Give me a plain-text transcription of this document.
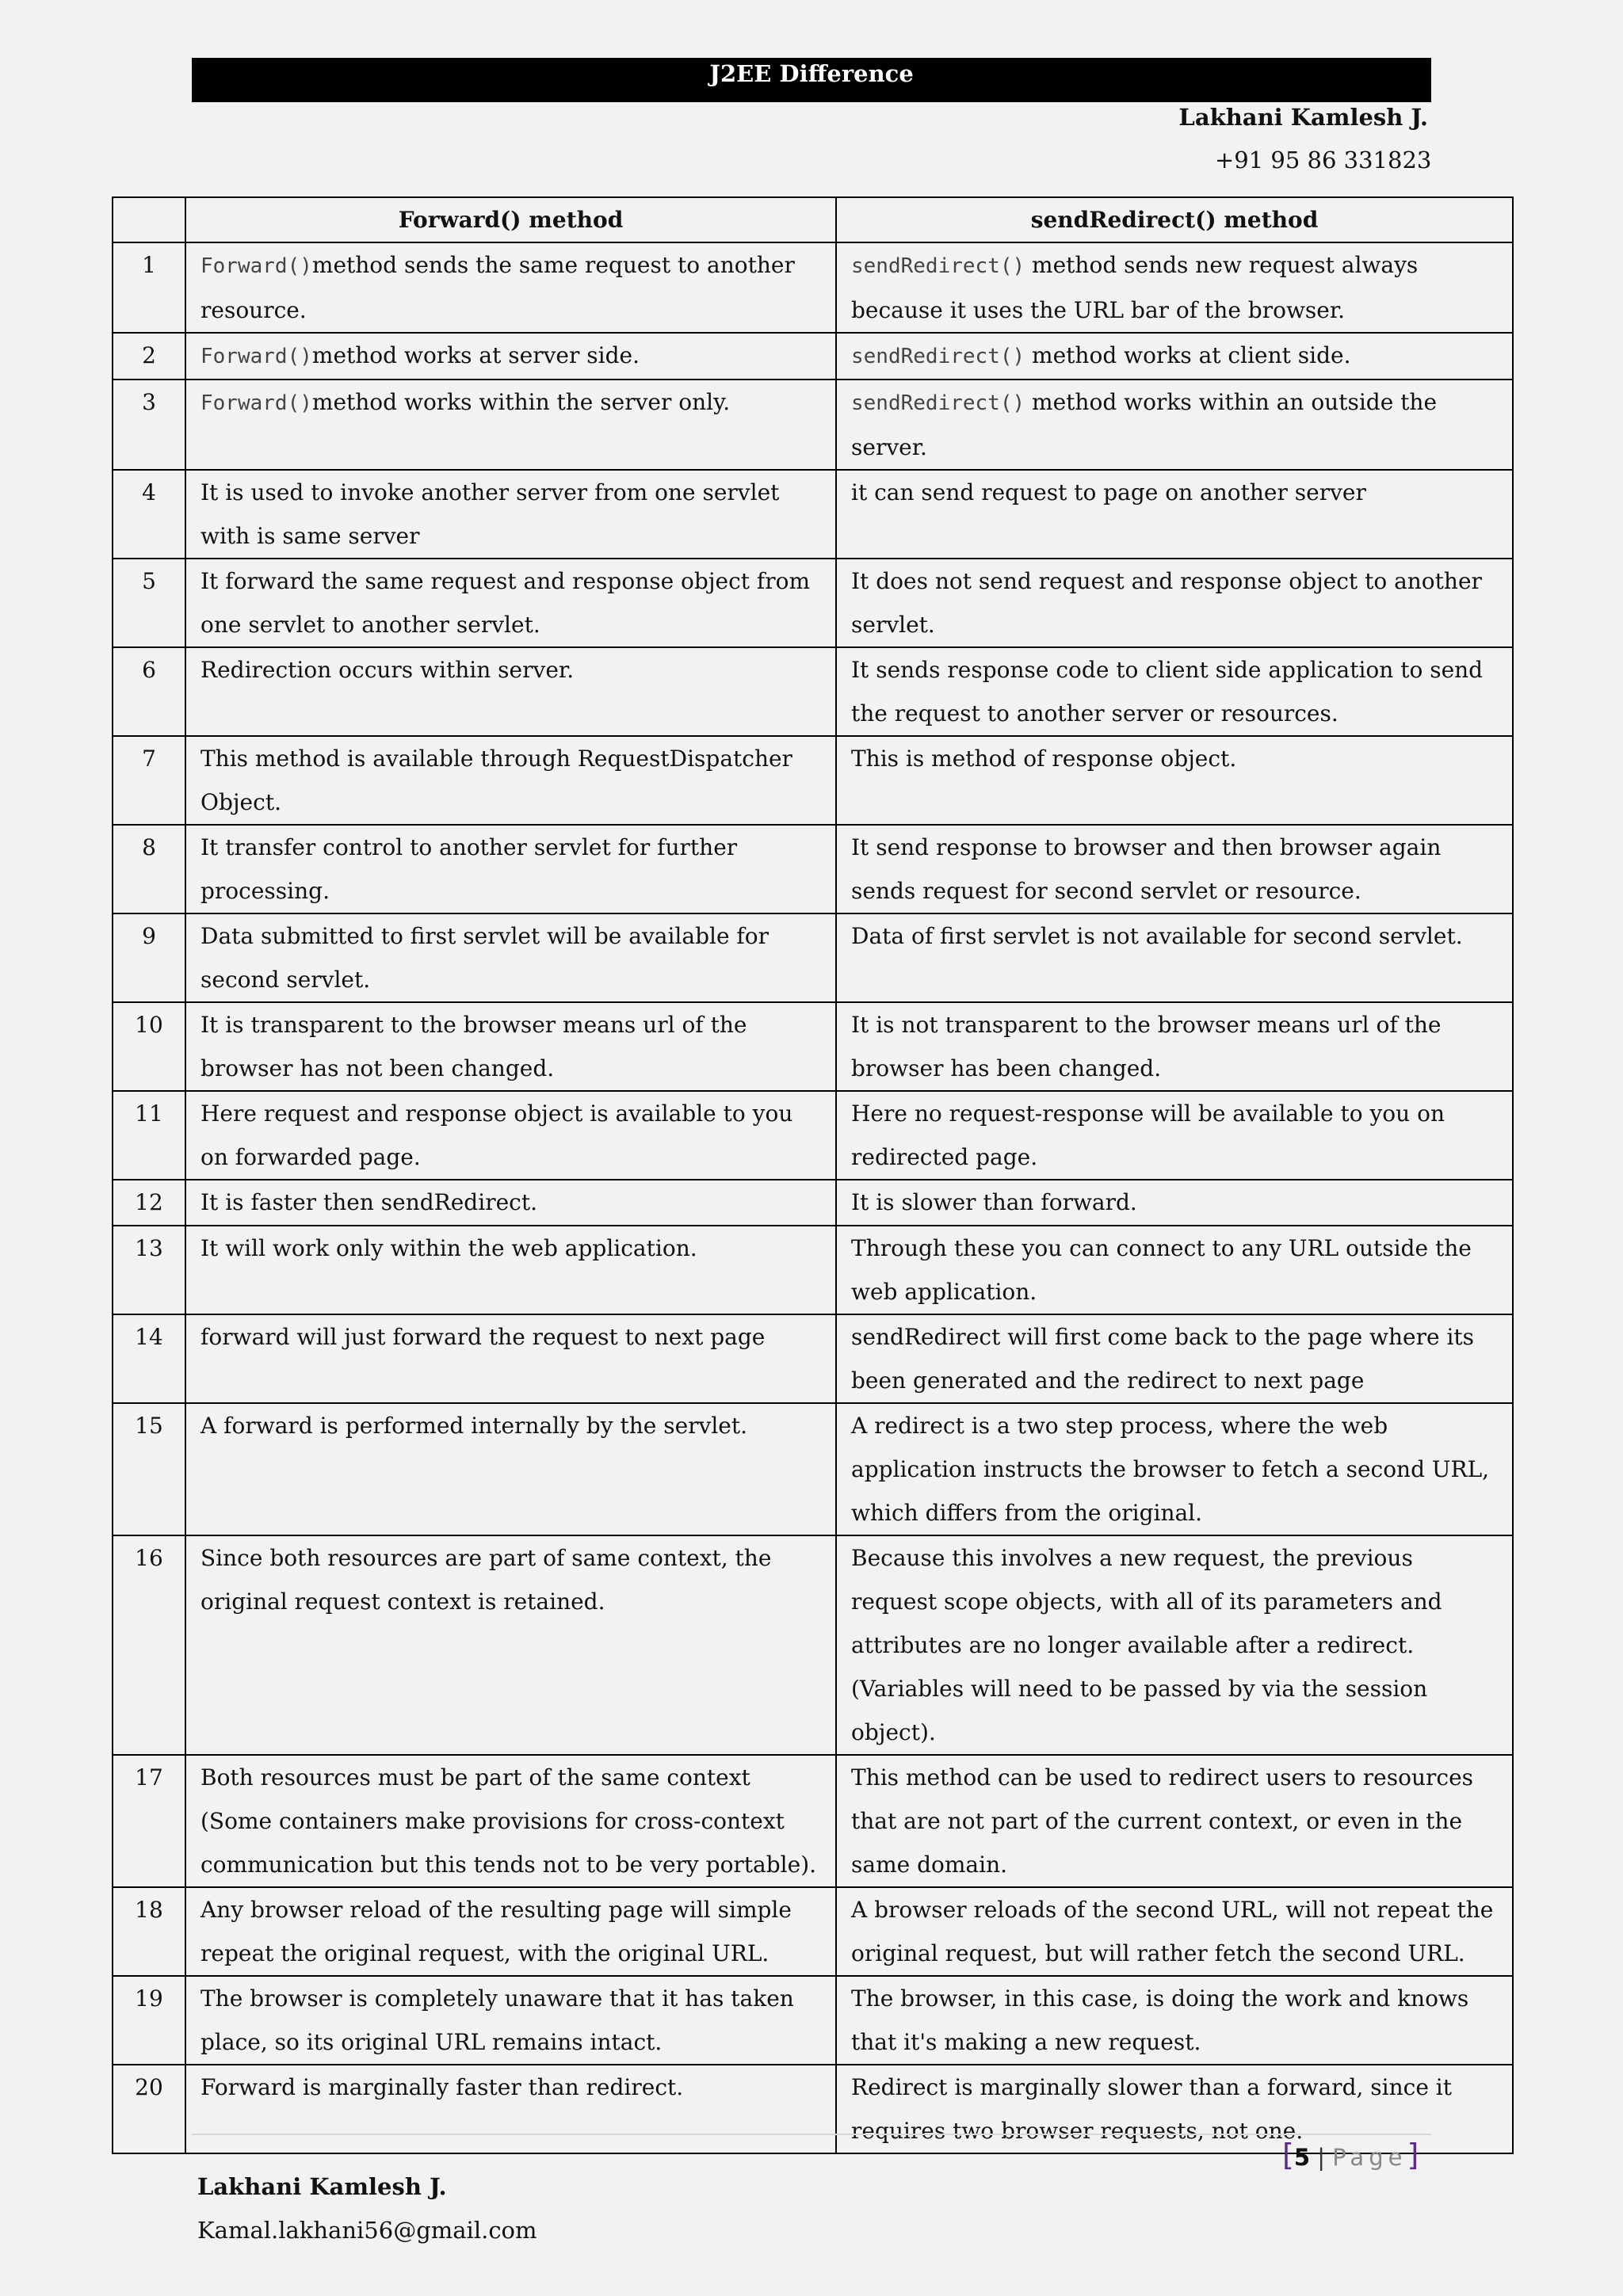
J2EE Difference
Lakhani Kamlesh J.
+91 95 86 331823
	Forward() method	sendRedirect() method
1	Forward()method sends the same request to another resource.	sendRedirect() method sends new request always because it uses the URL bar of the browser.
2	Forward()method works at server side.	sendRedirect() method works at client side.
3	Forward()method works within the server only.	sendRedirect() method works within an outside the server.
4	It is used to invoke another server from one servlet with is same server	it can send request to page on another server
5	It forward the same request and response object from one servlet to another servlet.	It does not send request and response object to another servlet.
6	Redirection occurs within server.	It sends response code to client side application to send the request to another server or resources.
7	This method is available through RequestDispatcher Object.	This is method of response object.
8	It transfer control to another servlet for further processing.	It send response to browser and then browser again sends request for second servlet or resource.
9	Data submitted to first servlet will be available for second servlet.	Data of first servlet is not available for second servlet.
10	It is transparent to the browser means url of the browser has not been changed.	It is not transparent to the browser means url of the browser has been changed.
11	Here request and response object is available to you on forwarded page.	Here no request-response will be available to you on redirected page.
12	It is faster then sendRedirect.	It is slower than forward.
13	It will work only within the web application.	Through these you can connect to any URL outside the web application.
14	forward will just forward the request to next page	sendRedirect will first come back to the page where its been generated and the redirect to next page
15	A forward is performed internally by the servlet.	A redirect is a two step process, where the web application instructs the browser to fetch a second URL, which differs from the original.
16	Since both resources are part of same context, the original request context is retained.	Because this involves a new request, the previous request scope objects, with all of its parameters and attributes are no longer available after a redirect.
(Variables will need to be passed by via the session object).

17	Both resources must be part of the same context (Some containers make provisions for cross-context communication but this tends not to be very portable).	This method can be used to redirect users to resources that are not part of the current context, or even in the same domain.
18	Any browser reload of the resulting page will simple repeat the original request, with the original URL.	A browser reloads of the second URL, will not repeat the original request, but will rather fetch the second URL.
19	The browser is completely unaware that it has taken place, so its original URL remains intact.	The browser, in this case, is doing the work and knows that it's making a new request.
20	Forward is marginally faster than redirect.	Redirect is marginally slower than a forward, since it requires two browser requests, not one.
[5 | Page]
Lakhani Kamlesh J.
Kamal.lakhani56@gmail.com
